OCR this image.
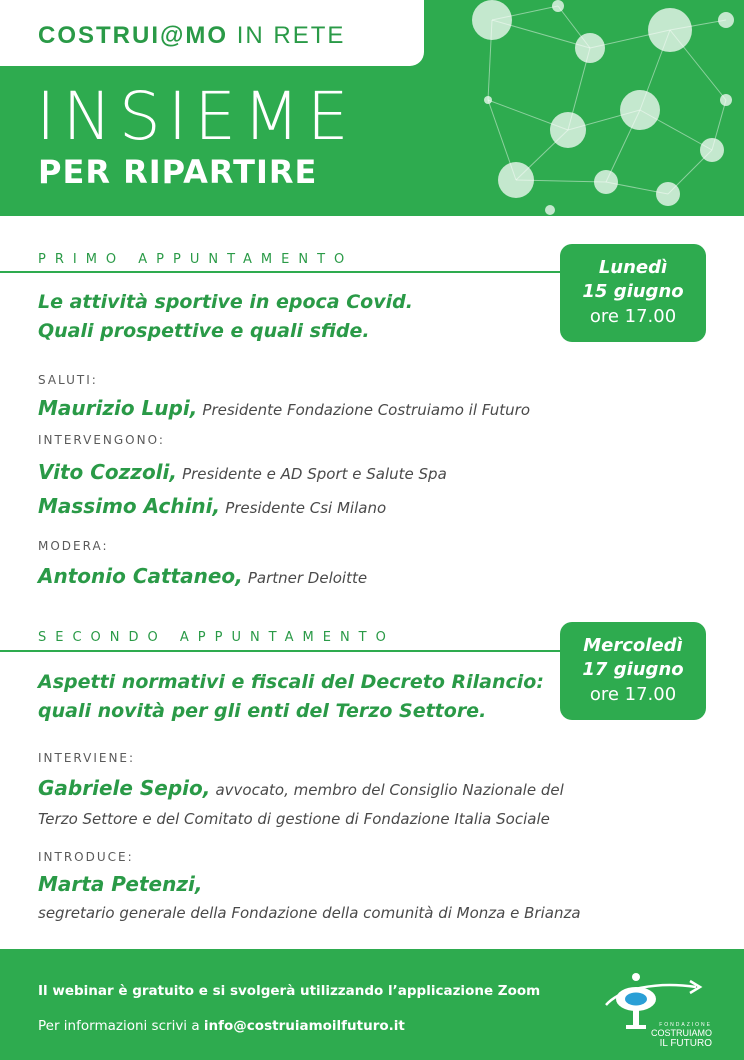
COSTRUI@MO IN RETE
INSIEME
PER RIPARTIRE
PRIMO APPUNTAMENTO	Lunedì
15 giugno
ore 17.00
Le attività sportive in epoca Covid.
Quali prospettive e quali sfide.
SALUTI:
Maurizio Lupi, Presidente Fondazione Costruiamo il Futuro
INTERVENGONO:
Vito Cozzoli, Presidente e AD Sport e Salute Spa
Massimo Achini, Presidente Csi Milano
MODERA:
Antonio Cattaneo, Partner Deloitte
SECONDO APPUNTAMENTO	Mercoledì
17 giugno
ore 17.00
Aspetti normativi e fiscali del Decreto Rilancio:
quali novità per gli enti del Terzo Settore.
INTERVIENE:
Gabriele Sepio, avvocato, membro del Consiglio Nazionale del
Terzo Settore e del Comitato di gestione di Fondazione Italia Sociale
INTRODUCE:
Marta Petenzi,
segretario generale della Fondazione della comunità di Monza e Brianza
Il webinar è gratuito e si svolgerà utilizzando l’applicazione Zoom
Per informazioni scrivi a info@costruiamoilfuturo.it	FONDAZIONE
COSTRUIAMO
IL FUTURO
